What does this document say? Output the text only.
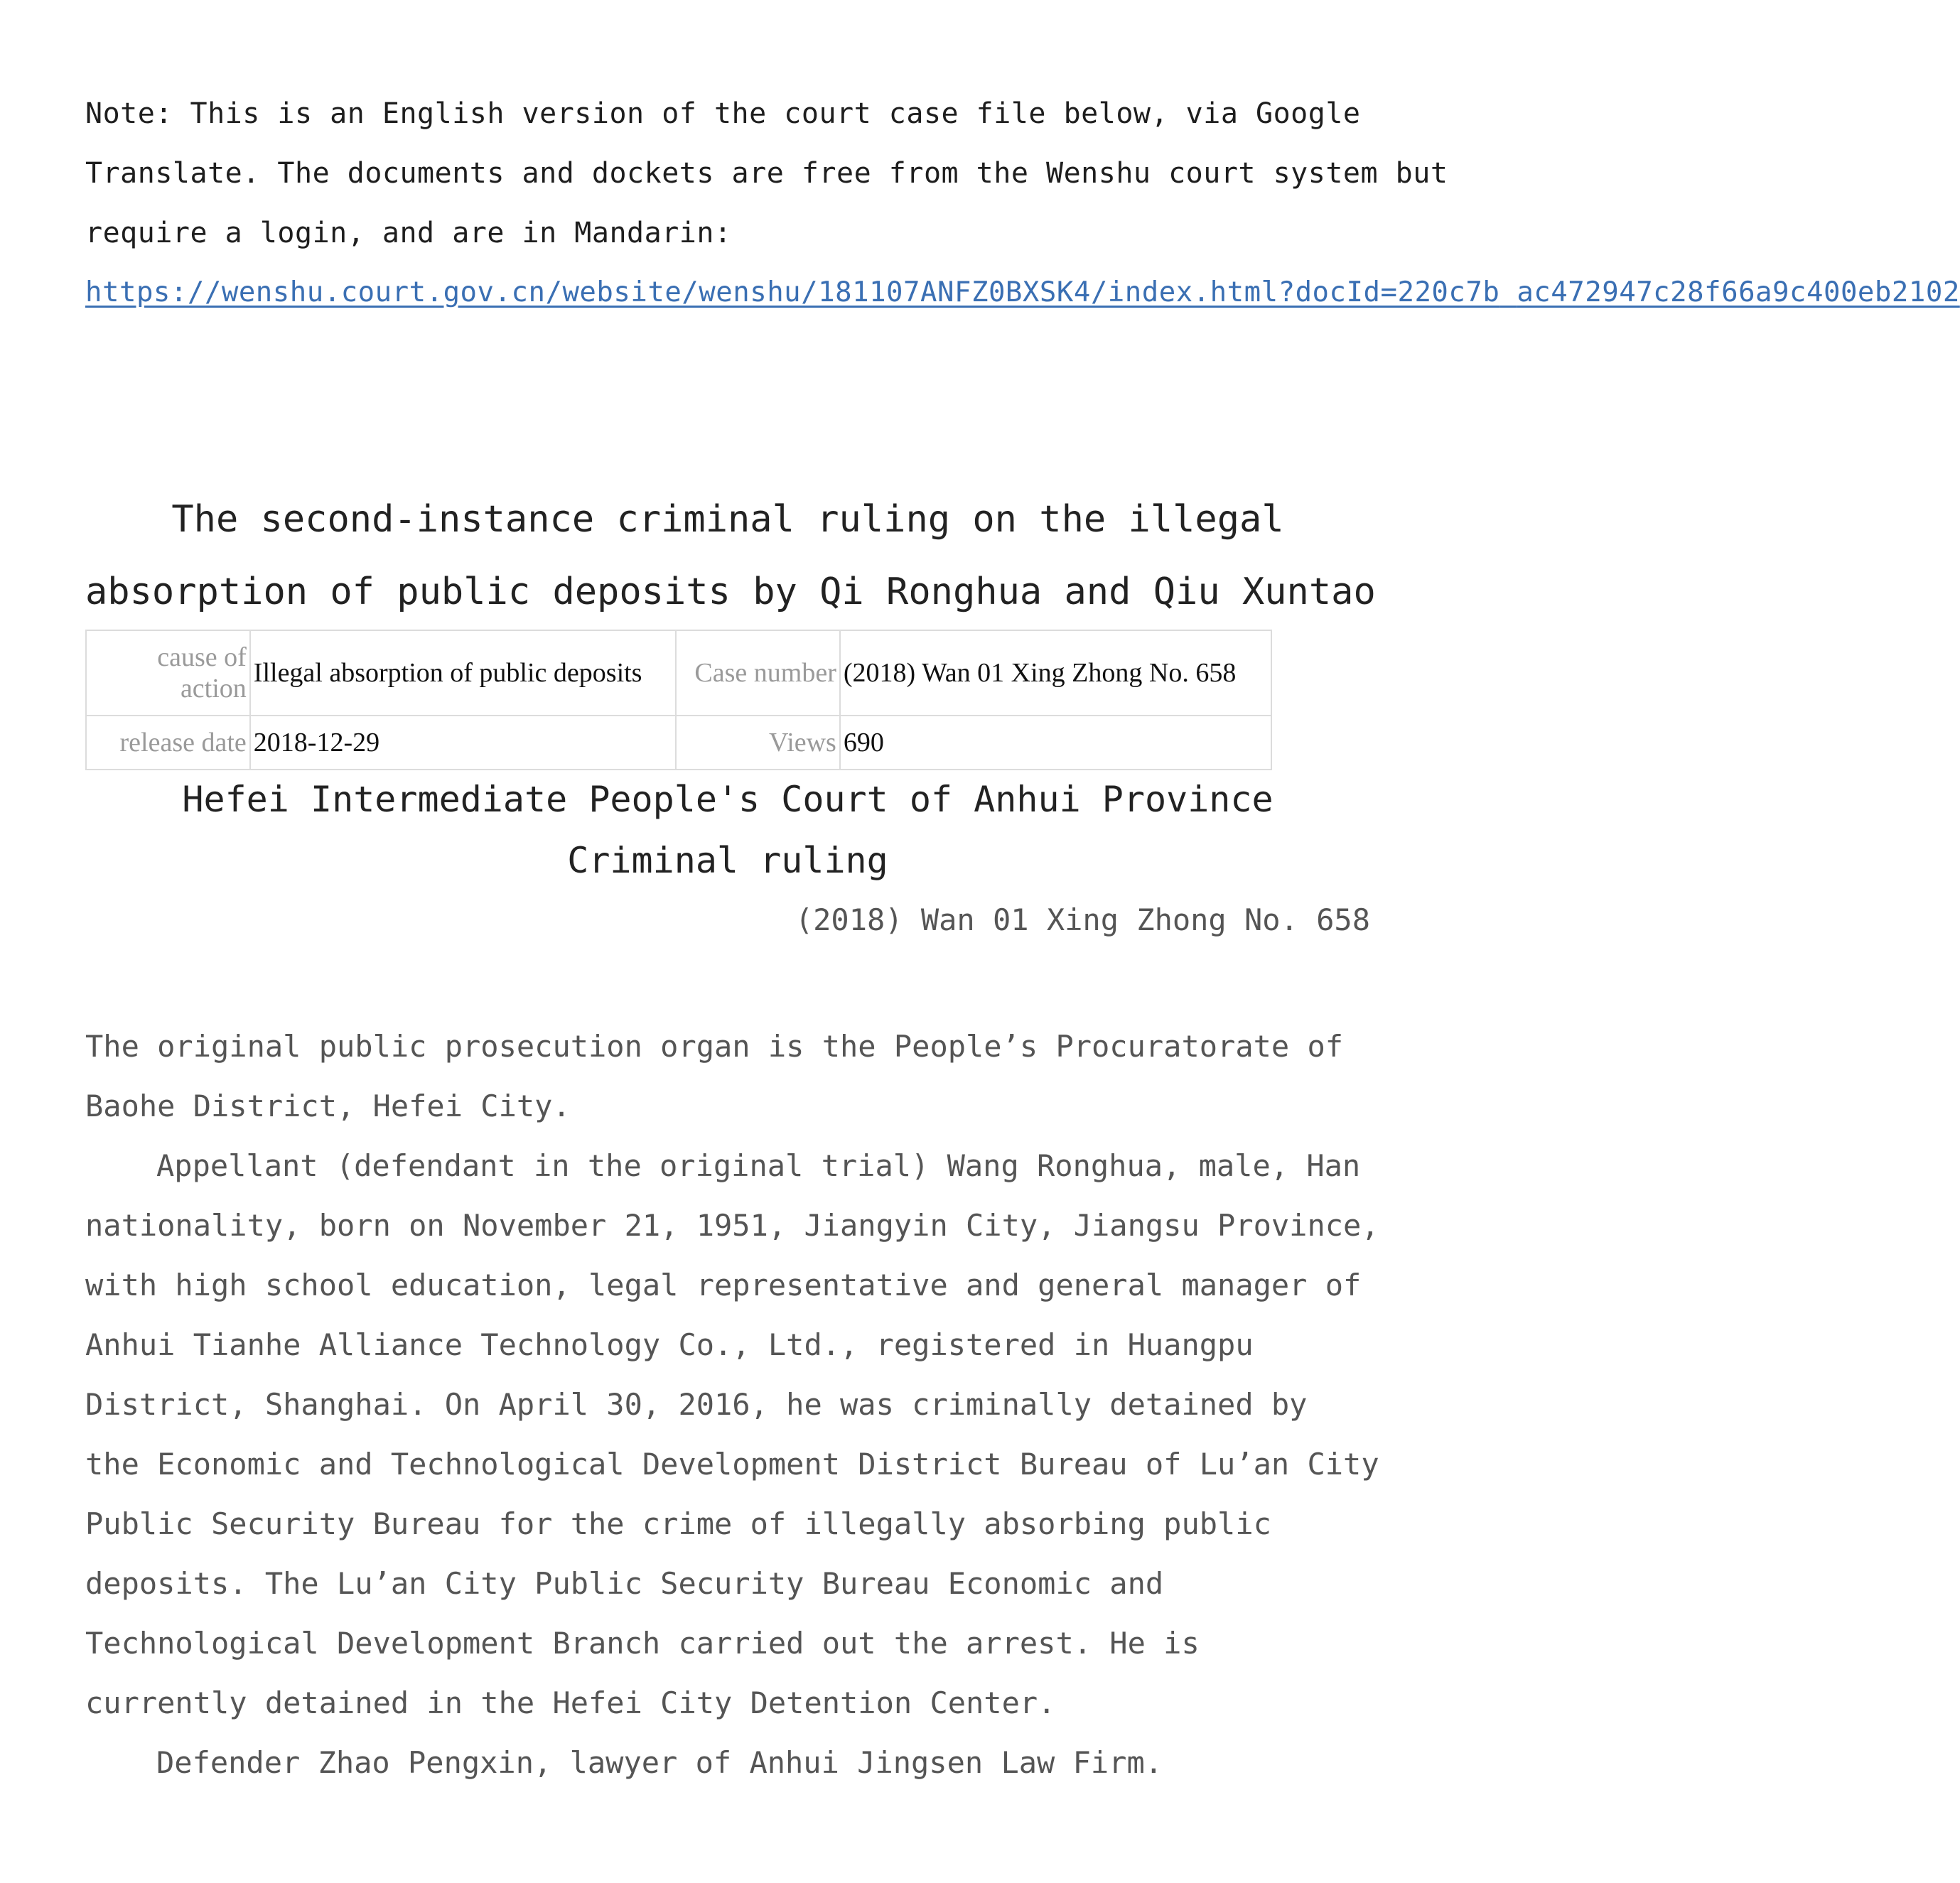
Note: This is an English version of the court case file below, via Google
Translate. The documents and dockets are free from the Wenshu court system but
require a login, and are in Mandarin:
https://wenshu.court.gov.cn/website/wenshu/181107ANFZ0BXSK4/index.html?docId=220c7b ac472947c28f66a9c400eb2102
The second-instance criminal ruling on the illegal
absorption of public deposits by Qi Ronghua and Qiu Xuntao
cause of action	Illegal absorption of public deposits	Case number	(2018) Wan 01 Xing Zhong No. 658
release date	2018-12-29	Views	690
Hefei Intermediate People's Court of Anhui Province
Criminal ruling
(2018) Wan 01 Xing Zhong No. 658
The original public prosecution organ is the People’s Procuratorate of
Baohe District, Hefei City.
Appellant (defendant in the original trial) Wang Ronghua, male, Han
nationality, born on November 21, 1951, Jiangyin City, Jiangsu Province,
with high school education, legal representative and general manager of
Anhui Tianhe Alliance Technology Co., Ltd., registered in Huangpu
District, Shanghai. On April 30, 2016, he was criminally detained by
the Economic and Technological Development District Bureau of Lu’an City
Public Security Bureau for the crime of illegally absorbing public
deposits. The Lu’an City Public Security Bureau Economic and
Technological Development Branch carried out the arrest. He is
currently detained in the Hefei City Detention Center.
Defender Zhao Pengxin, lawyer of Anhui Jingsen Law Firm.
